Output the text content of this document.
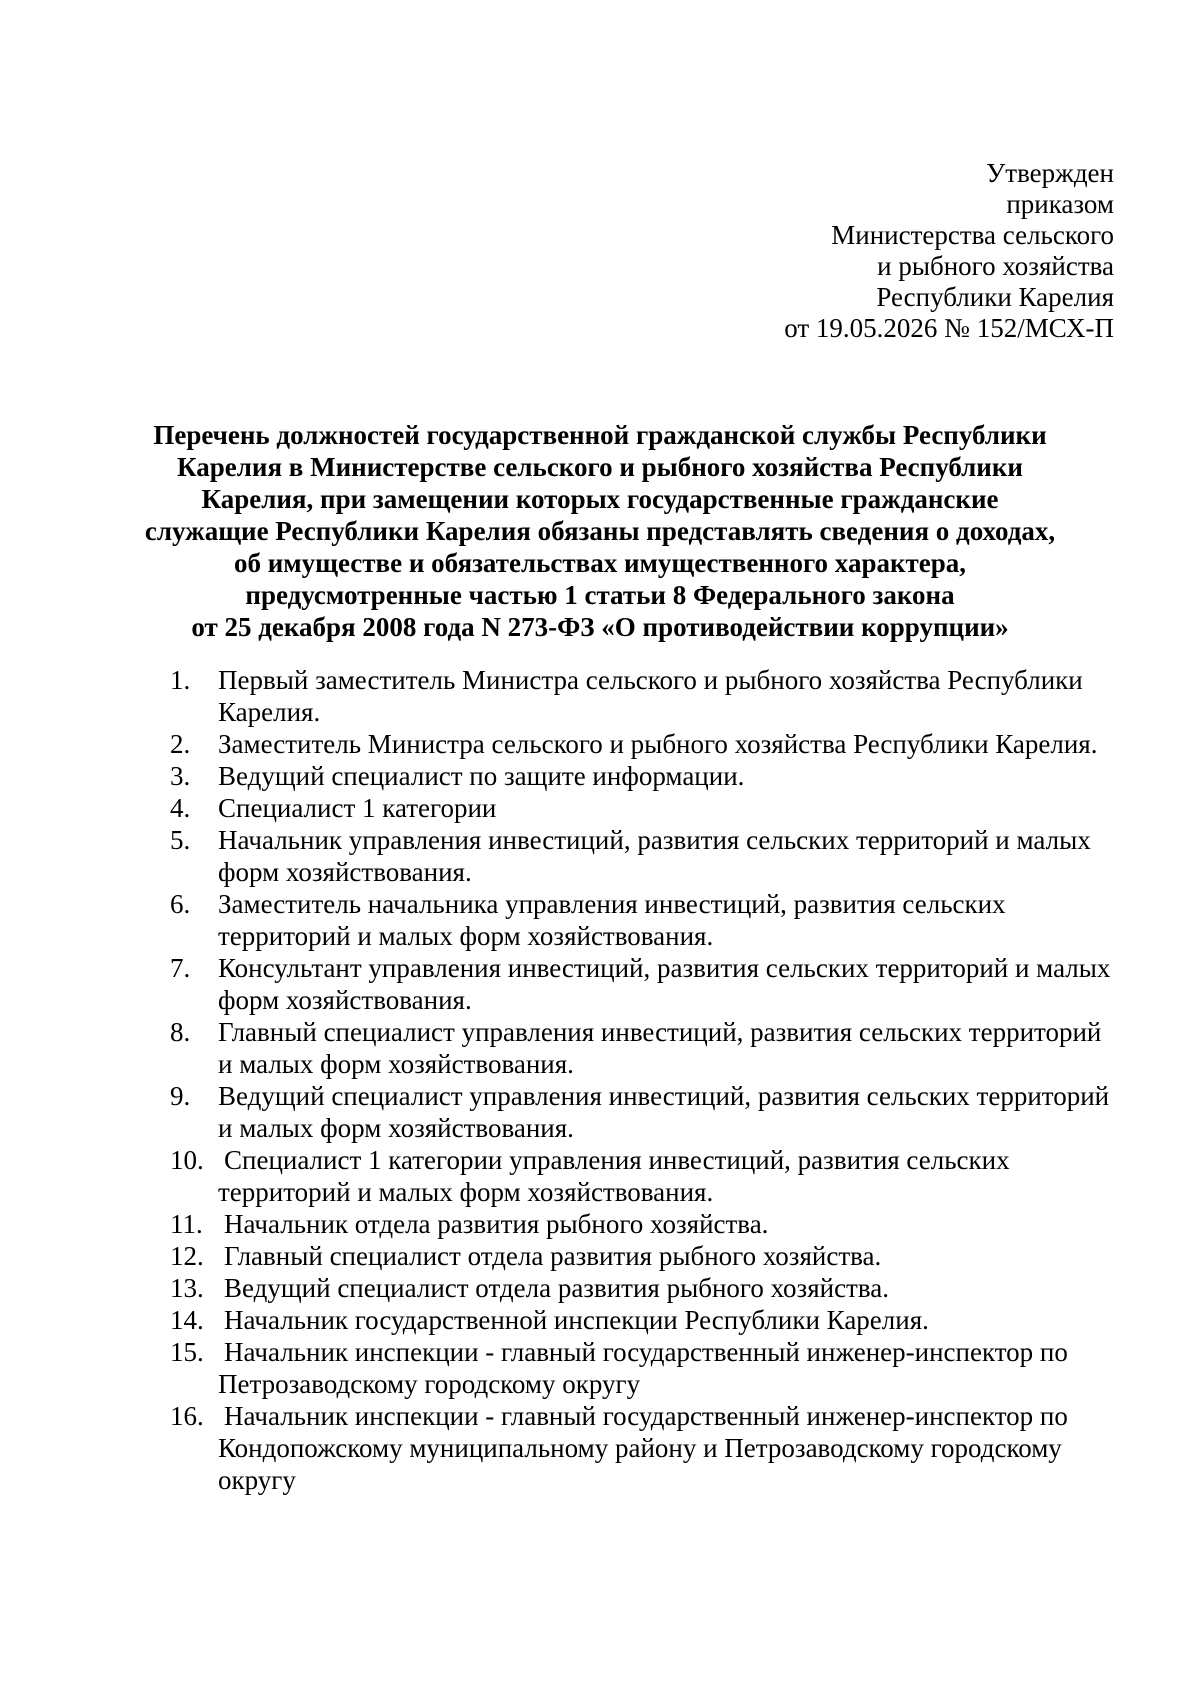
Утвержден
приказом
Министерства сельского
и рыбного хозяйства
Республики Карелия
от 19.05.2026 № 152/МСХ-П
Перечень должностей государственной гражданской службы Республики
Карелия в Министерстве сельского и рыбного хозяйства Республики
Карелия, при замещении которых государственные гражданские
служащие Республики Карелия обязаны представлять сведения о доходах,
об имуществе и обязательствах имущественного характера,
предусмотренные частью 1 статьи 8 Федерального закона
от 25 декабря 2008 года N 273-ФЗ «О противодействии коррупции»
1. Первый заместитель Министра сельского и рыбного хозяйства Республики Карелия.
2. Заместитель Министра сельского и рыбного хозяйства Республики Карелия.
3. Ведущий специалист по защите информации.
4. Специалист 1 категории
5. Начальник управления инвестиций, развития сельских территорий и малых форм хозяйствования.
6. Заместитель начальника управления инвестиций, развития сельских территорий и малых форм хозяйствования.
7. Консультант управления инвестиций, развития сельских территорий и малых форм хозяйствования.
8. Главный специалист управления инвестиций, развития сельских территорий и малых форм хозяйствования.
9. Ведущий специалист управления инвестиций, развития сельских территорий и малых форм хозяйствования.
10. Специалист 1 категории управления инвестиций, развития сельских территорий и малых форм хозяйствования.
11. Начальник отдела развития рыбного хозяйства.
12. Главный специалист отдела развития рыбного хозяйства.
13. Ведущий специалист отдела развития рыбного хозяйства.
14. Начальник государственной инспекции Республики Карелия.
15. Начальник инспекции - главный государственный инженер-инспектор по Петрозаводскому городскому округу
16. Начальник инспекции - главный государственный инженер-инспектор по Кондопожскому муниципальному району и Петрозаводскому городскому округу
